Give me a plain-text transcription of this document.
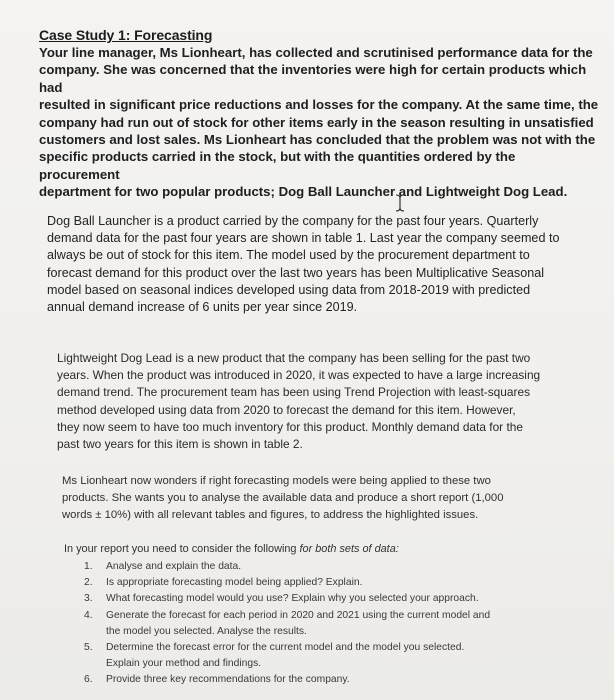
Case Study 1: Forecasting

Your line manager, Ms Lionheart, has collected and scrutinised performance data for the
company. She was concerned that the inventories were high for certain products which had
resulted in significant price reductions and losses for the company. At the same time, the
company had run out of stock for other items early in the season resulting in unsatisfied
customers and lost sales. Ms Lionheart has concluded that the problem was not with the
specific products carried in the stock, but with the quantities ordered by the procurement
department for two popular products; Dog Ball Launcher and Lightweight Dog Lead.

Dog Ball Launcher is a product carried by the company for the past four years. Quarterly
demand data for the past four years are shown in table 1. Last year the company seemed to
always be out of stock for this item. The model used by the procurement department to
forecast demand for this product over the last two years has been Multiplicative Seasonal
model based on seasonal indices developed using data from 2018-2019 with predicted
annual demand increase of 6 units per year since 2019.

Lightweight Dog Lead is a new product that the company has been selling for the past two
years. When the product was introduced in 2020, it was expected to have a large increasing
demand trend. The procurement team has been using Trend Projection with least-squares
method developed using data from 2020 to forecast the demand for this item. However,
they now seem to have too much inventory for this product. Monthly demand data for the
past two years for this item is shown in table 2.

Ms Lionheart now wonders if right forecasting models were being applied to these two
products. She wants you to analyse the available data and produce a short report (1,000
words ± 10%) with all relevant tables and figures, to address the highlighted issues.

In your report you need to consider the following for both sets of data:
1. Analyse and explain the data.
2. Is appropriate forecasting model being applied? Explain.
3. What forecasting model would you use? Explain why you selected your approach.
4. Generate the forecast for each period in 2020 and 2021 using the current model and
the model you selected. Analyse the results.
5. Determine the forecast error for the current model and the model you selected.
Explain your method and findings.
6. Provide three key recommendations for the company.
